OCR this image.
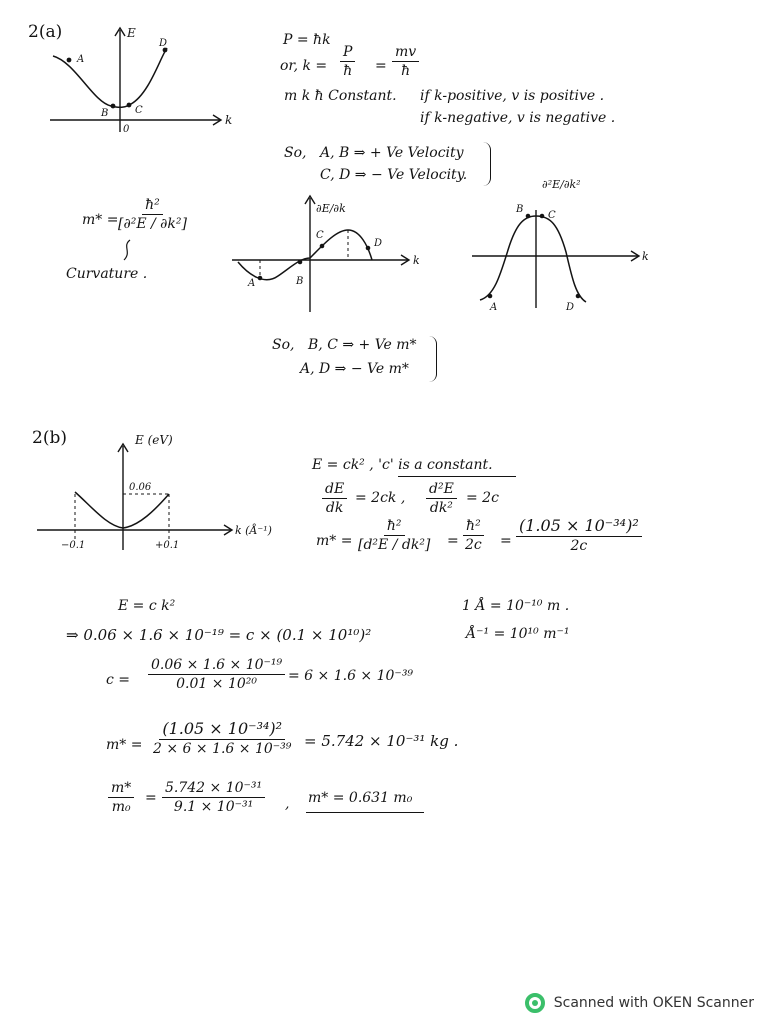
2(a)	E
k
0
A
B	C
D	P = ħk
or, $k = \frac{P}{ħ} = \frac{mv}{ħ}$
m k ħ Constant. if k-positive, v is positive .
if k-negative, v is negative .
So, A, B ⇒ + Ve Velocity
C, D ⇒ − Ve Velocity.
m* =
$\frac{\text{ħ²}}{\text{[∂²E / ∂k²]}}$
Curvature .
∂E/∂k
k
A	B
C
D
∂²E/∂k²
k
A
B
C
D
So, B, C ⇒ + Ve m*
A, D ⇒ − Ve m*
2(b)	E (eV)
k (Å⁻¹)
0.06
−0.1	+0.1
E = ck² , 'c' is a constant.
$\frac{dE}{dk} = 2ck$ , $\frac{\text{d²E}}{\text{dk²}} = 2c$
$m* = \frac{\text{ħ²}}{\text{[d²E / dk²]}} = \frac{\text{ħ²}}{2c} = \frac{\text{(1.05 × 10⁻³⁴)²}}{2c}$
1 Å = 10⁻¹⁰ m .
Å⁻¹ = 10¹⁰ m⁻¹
E = c k²
⇒ 0.06 × 1.6 × 10⁻¹⁹ = c × (0.1 × 10¹⁰)²
$c = \frac{\text{0.06 × 1.6 × 10⁻¹⁹}}{\text{0.01 × 10²⁰}} = 6 \times 1.6 \times 10^{-39}$
$m* = \frac{\text{(1.05 × 10⁻³⁴)²}}{\text{2 × 6 × 1.6 × 10⁻³⁹}} = 5.742 \times 10^{-31}$ kg .
$\frac{m*}{\text{m₀}} = \frac{\text{5.742 × 10⁻³¹}}{\text{9.1 × 10⁻³¹}}$ , m* = 0.631 m₀
Scanned with OKEN Scanner
